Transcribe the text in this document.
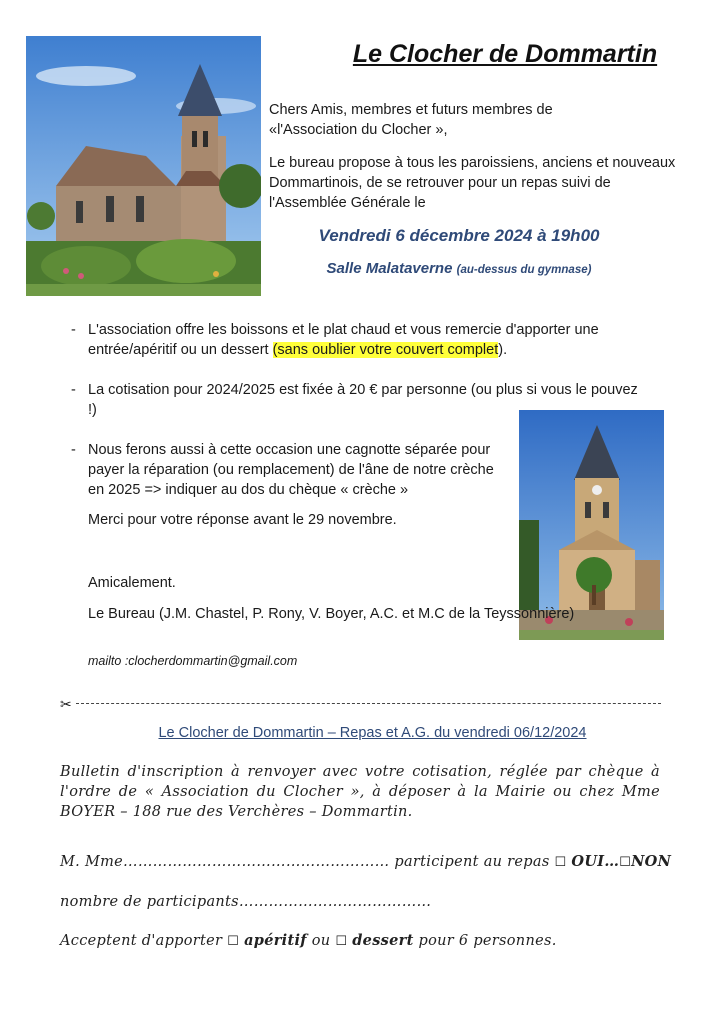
Le Clocher de Dommartin
Chers Amis, membres et futurs membres de
«l'Association du Clocher »,
Le bureau propose à tous les paroissiens, anciens et nouveaux Dommartinois, de se retrouver pour un repas suivi de l'Assemblée Générale le
Vendredi 6 décembre 2024 à 19h00
Salle Malataverne (au-dessus du gymnase)
- L'association offre les boissons et le plat chaud et vous remercie d'apporter une entrée/apéritif ou un dessert (sans oublier votre couvert complet).
- La cotisation pour 2024/2025 est fixée à 20 € par personne (ou plus si vous le pouvez !)
- Nous ferons aussi à cette occasion une cagnotte séparée pour payer la réparation (ou remplacement) de l'âne de notre crèche en 2025 => indiquer au dos du chèque « crèche »
Merci pour votre réponse avant le 29 novembre.
Amicalement.
Le Bureau (J.M. Chastel, P. Rony, V. Boyer, A.C. et M.C de la Teyssonnière)
mailto :clocherdommartin@gmail.com
✂
Le Clocher de Dommartin – Repas et A.G. du vendredi 06/12/2024
Bulletin d'inscription à renvoyer avec votre cotisation, réglée par chèque à l'ordre de « Association du Clocher », à déposer à la Mairie ou chez Mme BOYER – 188 rue des Verchères – Dommartin.
M. Mme……………………………………………… participent au repas ☐ OUI…☐NON
nombre de participants…………………………………
Acceptent d'apporter ☐ apéritif ou ☐ dessert pour 6 personnes.
